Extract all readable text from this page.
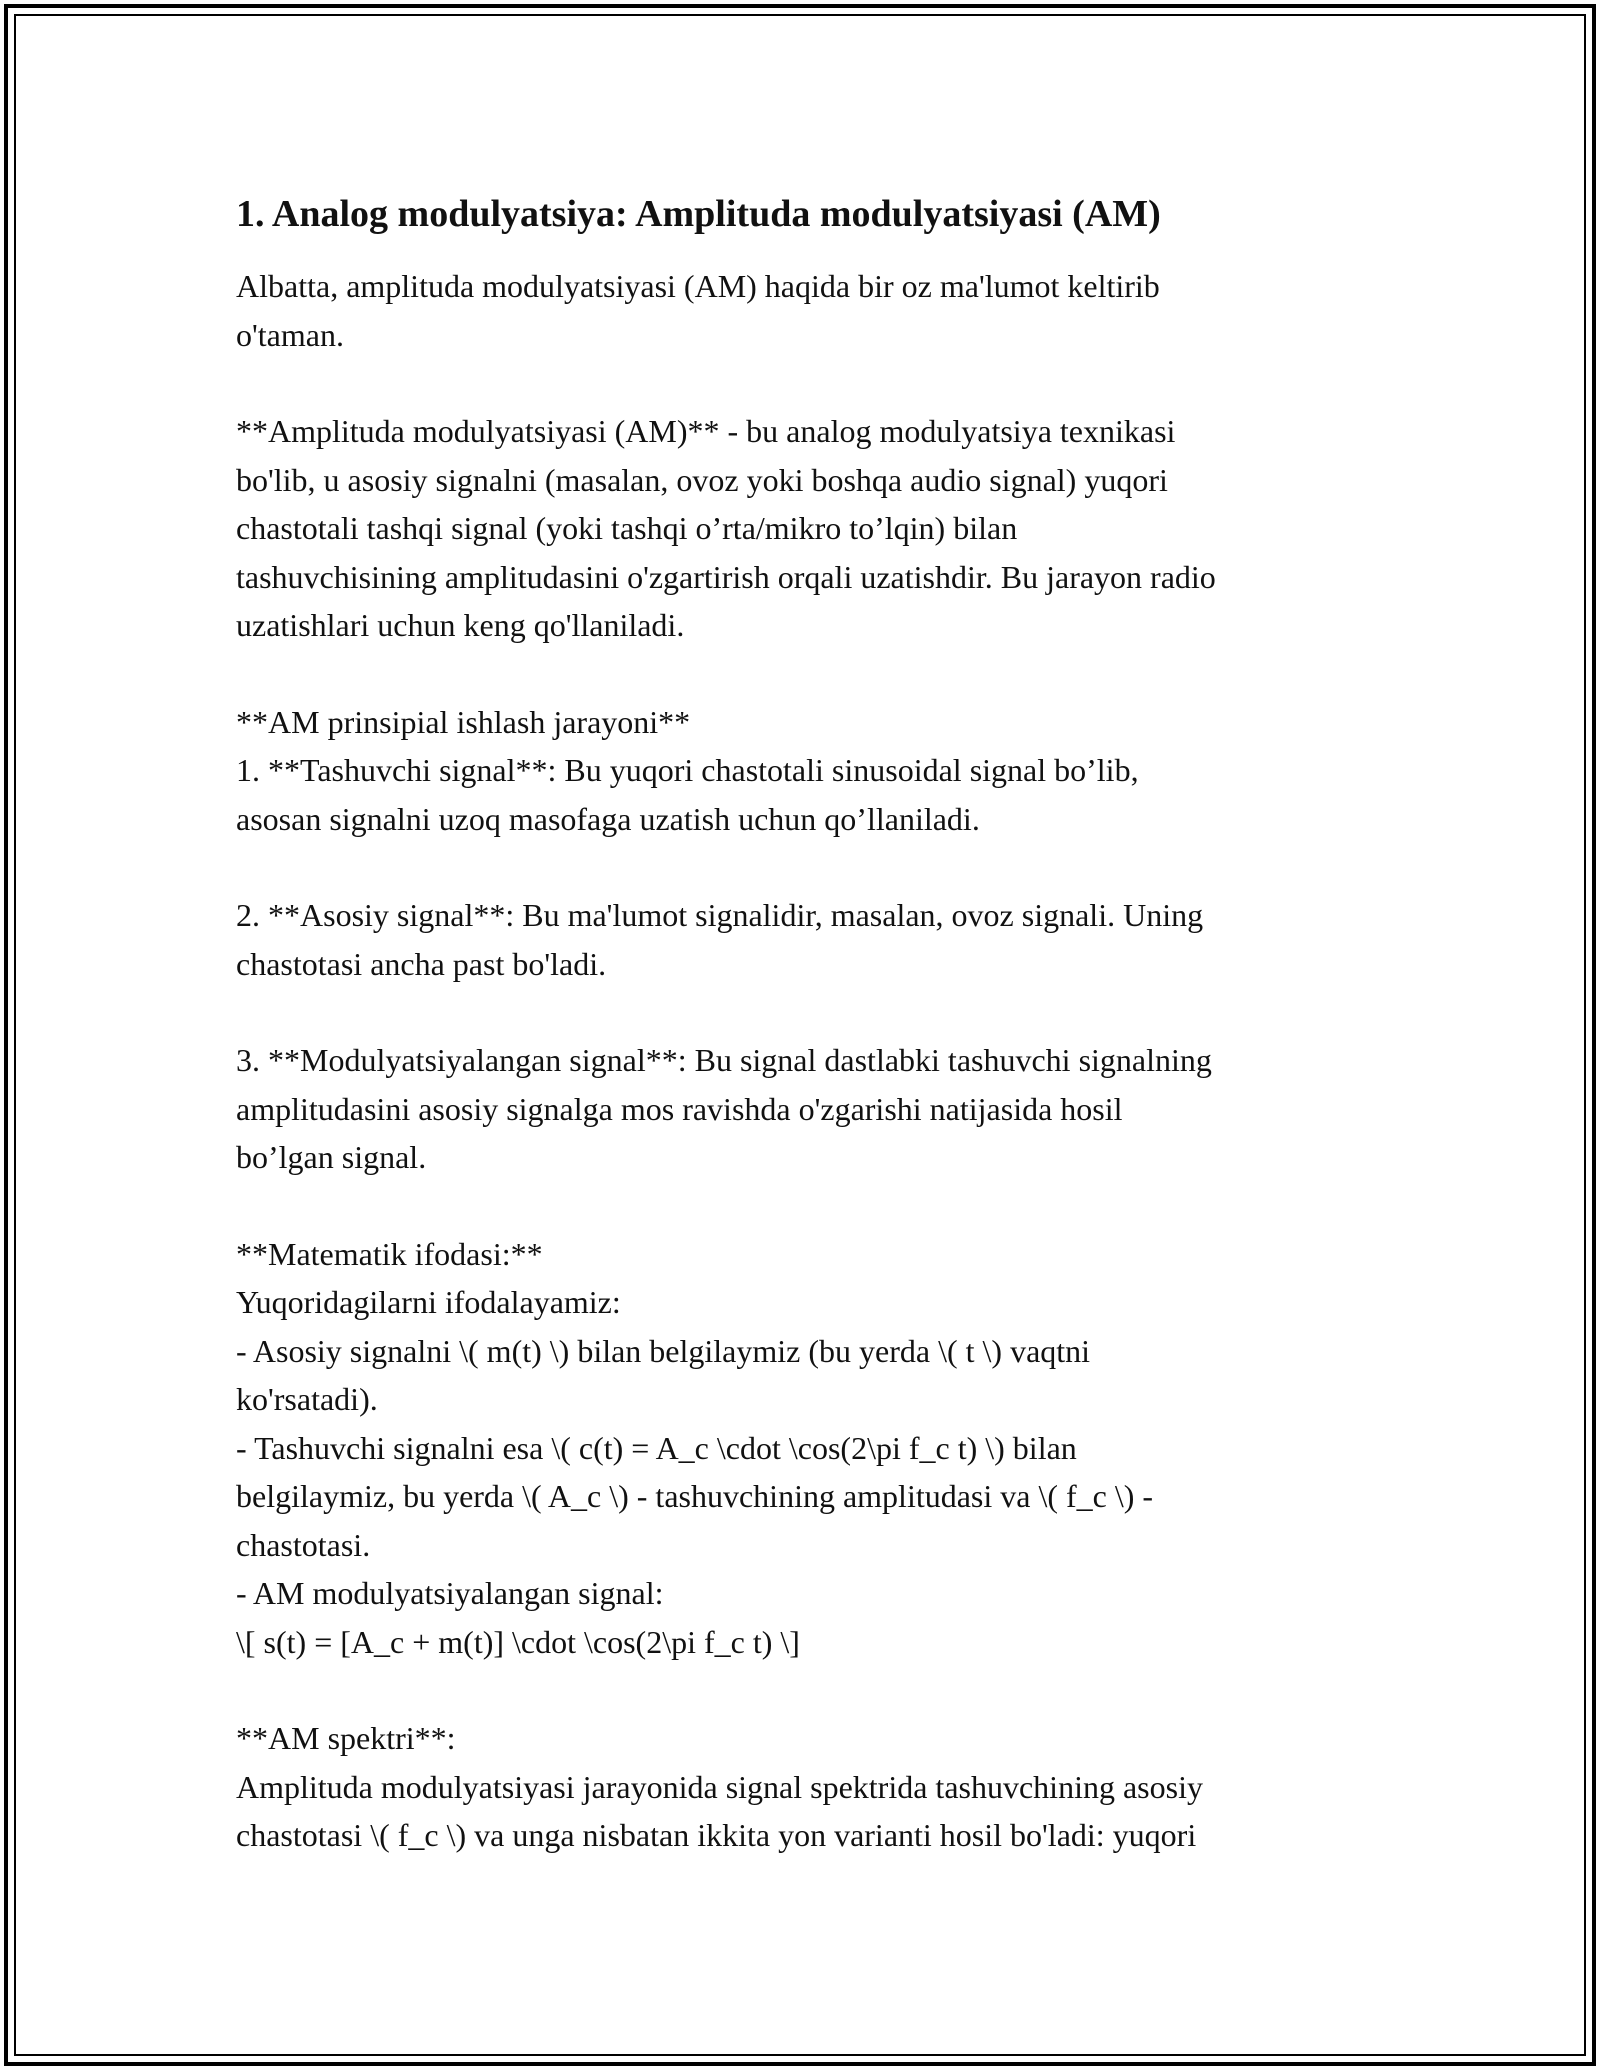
1. Analog modulyatsiya: Amplituda modulyatsiyasi (AM)
Albatta, amplituda modulyatsiyasi (AM) haqida bir oz ma'lumot keltirib
o'taman.
**Amplituda modulyatsiyasi (AM)** - bu analog modulyatsiya texnikasi
bo'lib, u asosiy signalni (masalan, ovoz yoki boshqa audio signal) yuqori
chastotali tashqi signal (yoki tashqi o’rta/mikro to’lqin) bilan
tashuvchisining amplitudasini o'zgartirish orqali uzatishdir. Bu jarayon radio
uzatishlari uchun keng qo'llaniladi.
**AM prinsipial ishlash jarayoni**
1. **Tashuvchi signal**: Bu yuqori chastotali sinusoidal signal bo’lib,
asosan signalni uzoq masofaga uzatish uchun qo’llaniladi.
2. **Asosiy signal**: Bu ma'lumot signalidir, masalan, ovoz signali. Uning
chastotasi ancha past bo'ladi.
3. **Modulyatsiyalangan signal**: Bu signal dastlabki tashuvchi signalning
amplitudasini asosiy signalga mos ravishda o'zgarishi natijasida hosil
bo’lgan signal.
**Matematik ifodasi:**
Yuqoridagilarni ifodalayamiz:
- Asosiy signalni \( m(t) \) bilan belgilaymiz (bu yerda \( t \) vaqtni
ko'rsatadi).
- Tashuvchi signalni esa \( c(t) = A_c \cdot \cos(2\pi f_c t) \) bilan
belgilaymiz, bu yerda \( A_c \) - tashuvchining amplitudasi va \( f_c \) -
chastotasi.
- AM modulyatsiyalangan signal:
\[ s(t) = [A_c + m(t)] \cdot \cos(2\pi f_c t) \]
**AM spektri**:
Amplituda modulyatsiyasi jarayonida signal spektrida tashuvchining asosiy
chastotasi \( f_c \) va unga nisbatan ikkita yon varianti hosil bo'ladi: yuqori
